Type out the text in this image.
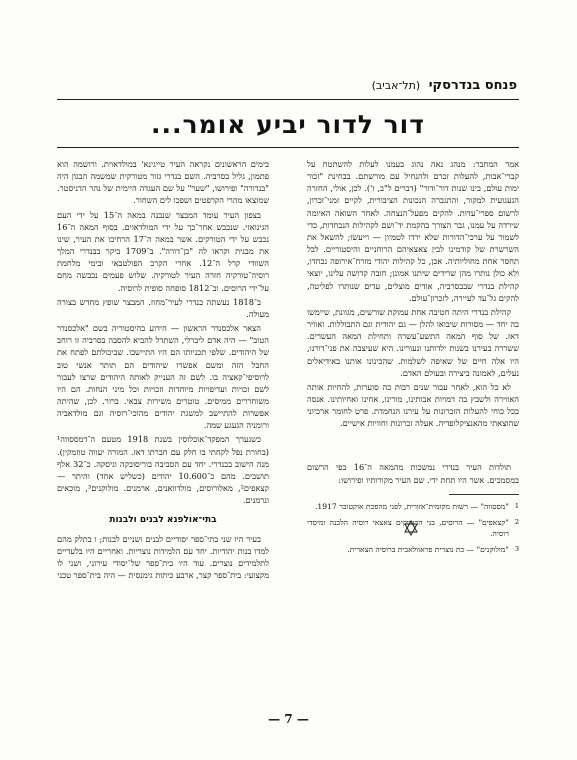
פנחס בנדרסקי (תל־אביב)
דור לדור יביע אומר...

אמר המחבר: מנהג נאה נהוג בעמנו לעלות להשתטח על קברי־אבות, להעלות זכרם ולהנחיל עם מורשתם. בבחינת "זכור ימות עולם, בינו שנות דור־ודור" (דברים ל"ב, ז'). לכן, אולי, החזרה הגעגועית למקור, והתגברה הנכונות הציבורית, לקיים זמני־זכרון, לרשום ספרי־עדות. להקים מפעל־הנצחה. לאחר השואה האיומה שירדה על עמנו, גבר הצורך בהקמת יד־ושם לקהילות הנכחדות, כדי לשמור על ערכי־הדורות שלא ירדו לטמיון — וייעשׂו; להשאל את השרשרת של קודמינו לבין צאצאיהם הרוחניים והיסטוריים. לבל תחסר אחת מחוליותיה. אכן, כל קהילות יהודי מזרח־אירופה נכחדו, ולא כולן נותרו מהן שרידים שיתנו אמונן; חובה קדושה עלינו, יוצאי קהילת בנדרי שבבסרביה, אודים מוצלים, עדים שנותרו לפליטה, להקים גל־עד לעיירה, לזכרון־עולם.

קהילת בנדרי היתה חטיבה אחת עמוקת שורשים, מגוונת, שיימשו בה יחד — מסורות שיבואו להלן — גם יהודית וגם התבוללות. ואוויר דאז. של סוף המאה התשע־עשרה ותחילת המאה העשרים. ששררה בעירנו בשנות ילדותנו ונעורינו. היא שעיצבה את פני־דורנו, היו אלה חיים של שאיפה לשלמות. שהכינונו אותנו באידיאלים נעלים, לאמונה ביצירה ובעולם האדם.

לא כל הוא, לאחר עבור שנים רבות כה סוערות, להחיות אותה האווירה ולשבץ בה דמויות אבותינו, מורינו, אחינו ואחיותינו. אנסה בכל כוחי להעלות הזכרונות על עירנו הנחמדת. פרט לחומר ארכיוני שהוצאתי מהאנציקלופדיה. אעלה זכרונות וחוויות אישיים.

תולדות העיר בנדרי נמשכות מהמאה ה־16 כפי הרשום במסמכים. אשר היו תחת ידי. שם העיר מקורותיו ופירושו:

1
"מססווה" — רשות מקומית־אזורית, לפני מהפכת אוקטובר 1917.
2
"קצאפים" — הרוסים, בני הרוריקים צאצאי רוסיה הלבנה ומיסדי רוסיה.
3
"מולוקנים" — כת נוצרית פראוולאבית ברוסיה הצארית.

בימים הראשונים נקראה העיר טייגינא' במולדאוית. ורושמה הוא פתמון, גליל בסרביה. השם בנדרי גזור מטורקית שמשמה הבגון היה "בנדורה" ופירושו, "שער" על שם העגדה היימית של נהר הדניסטר. שמוצאו מהרי הקרפטים ושפכו לים השחור.

בצפון העיר עומד המבצר שנבנה במאה ה־15 על ידי העם הגינואזי. שנכבש אחר־כך על ידי המולדאוים. בסוף המאה ה־16 נכבש על ידי הטורקים. אשר במאה ה־17 הרחיבו את העיר, שינו את מבנית וקראו לה "בן־דורה". ב־1709 ביקר בבנדרי המלך השוודי קרל ה־12. אחרי הקרב הפולטבאי ובימי מלחמת רוסיה־טורקיה חזרה העיר לטורקיה. שלוש פעמים נכבשה מחם על־ידי הרוסים. וב־1812 סופחה סופית לרוסיה.

ב־1818 נעשתה בנדרי לעיר־מחוז. המבצר שופץ מחדש בצורה מעולה.

הצאר אלכסנדר הראשון — הידוע בהיסטוריה בשם "אלכסנדר הטוב" — היה אדם ליברלי, השתדל להביא להסבה בסרביה זו רוחב של היהודים. שלפי תכניותו הם היו התיישבו. שביכולתם לפתח את החבל הזה ומשם אפשרו שיהודים הם תותר אנשי טוב לרוסיפי־קאציה בו. לשם זה הענייק לאותה היהודים שרצו לעבור לשם זכויות ועדיפויות מיוחדות וזכויות וכל מיני הנחות. הם היו משוחררים ממיסים. טוטרים משירות צבאי. ברור. לכן, שהיתה אפשרות להתיישב למשגת יהודים מהוכי־רוסיה וגם מולדאביה ורומניה הגעגע שמה.

כשנערך המפקד־אוכלוסין בשנת 1918 מטעם ה־דמססווה¹ (בחורת נפל לקחתי בו חלק עם חברתו דאז. המורה יעווה טוזמקין). מנה הישוב בבנדרי. יחד עם הסביבה בוריסובקה וגיסקה. כ־32 אלף תושבים. מהם כ־10.600 יהודים (כשליש אחד) והיתר — קצאפים², מאלורוסים, מולדוואנים, ארמנים. מולוקנים³, מוכאים ונרמנים.

בתי־אולפנא לבנים ולבנות

בעיר היו שני בתי־ספר יסודיים לבנים ושניים לבנות; ו בתלק מהם למדו בנות יהודיות. יחד עם הלמידות נוצריות. ואחריים היו בלעדיים לתלמידים נוצרים. עוד היו בית־ספר של־יסודי עירוני, ושני לו מקצועי: בית־ספר קצר, ארבע כיתות גימנסית — היה בית־ספר טכני

— 7 —
